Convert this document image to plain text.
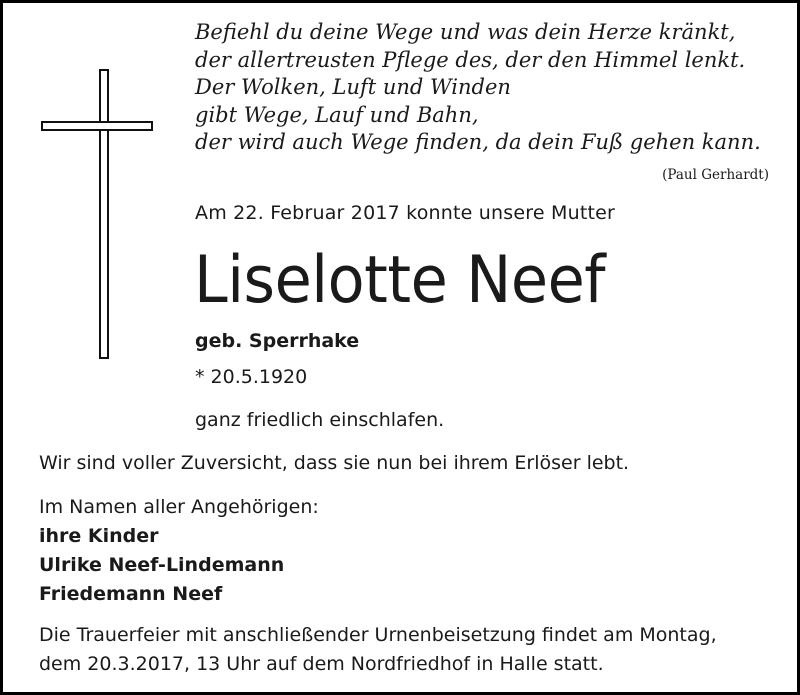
Befiehl du deine Wege und was dein Herze kränkt,
der allertreusten Pflege des, der den Himmel lenkt.
Der Wolken, Luft und Winden
gibt Wege, Lauf und Bahn,
der wird auch Wege finden, da dein Fuß gehen kann.
(Paul Gerhardt)
Am 22. Februar 2017 konnte unsere Mutter
Liselotte Neef
geb. Sperrhake
* 20.5.1920
ganz friedlich einschlafen.
Wir sind voller Zuversicht, dass sie nun bei ihrem Erlöser lebt.
Im Namen aller Angehörigen:
ihre Kinder
Ulrike Neef-Lindemann
Friedemann Neef
Die Trauerfeier mit anschließender Urnenbeisetzung findet am Montag,
dem 20.3.2017, 13 Uhr auf dem Nordfriedhof in Halle statt.
